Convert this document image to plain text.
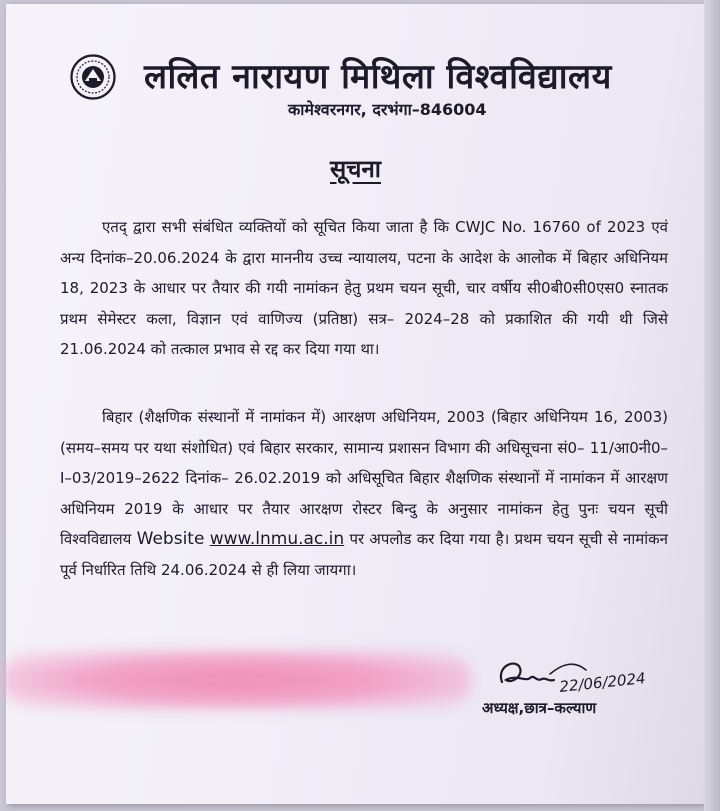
ललित नारायण मिथिला विश्वविद्यालय
कामेश्वरनगर, दरभंगा–846004
सूचना
एतद् द्वारा सभी संबंधित व्यक्तियों को सूचित किया जाता है कि CWJC No. 16760 of 2023 एवं अन्य दिनांक–20.06.2024 के द्वारा माननीय उच्च न्यायालय, पटना के आदेश के आलोक में बिहार अधिनियम 18, 2023 के आधार पर तैयार की गयी नामांकन हेतु प्रथम चयन सूची, चार वर्षीय सी0बी0सी0एस0 स्नातक प्रथम सेमेस्टर कला, विज्ञान एवं वाणिज्य (प्रतिष्ठा) सत्र– 2024–28 को प्रकाशित की गयी थी जिसे 21.06.2024 को तत्काल प्रभाव से रद्द कर दिया गया था।
बिहार (शैक्षणिक संस्थानों में नामांकन में) आरक्षण अधिनियम, 2003 (बिहार अधिनियम 16, 2003) (समय–समय पर यथा संशोधित) एवं बिहार सरकार, सामान्य प्रशासन विभाग की अधिसूचना सं0– 11/आ0नी0–I–03/2019–2622 दिनांक– 26.02.2019 को अधिसूचित बिहार शैक्षणिक संस्थानों में नामांकन में आरक्षण अधिनियम 2019 के आधार पर तैयार आरक्षण रोस्टर बिन्दु के अनुसार नामांकन हेतु पुनः चयन सूची विश्वविद्यालय Website www.lnmu.ac.in पर अपलोड कर दिया गया है। प्रथम चयन सूची से नामांकन पूर्व निर्धारित तिथि 24.06.2024 से ही लिया जायगा।
22/06/2024
अध्यक्ष,छात्र–कल्याण
